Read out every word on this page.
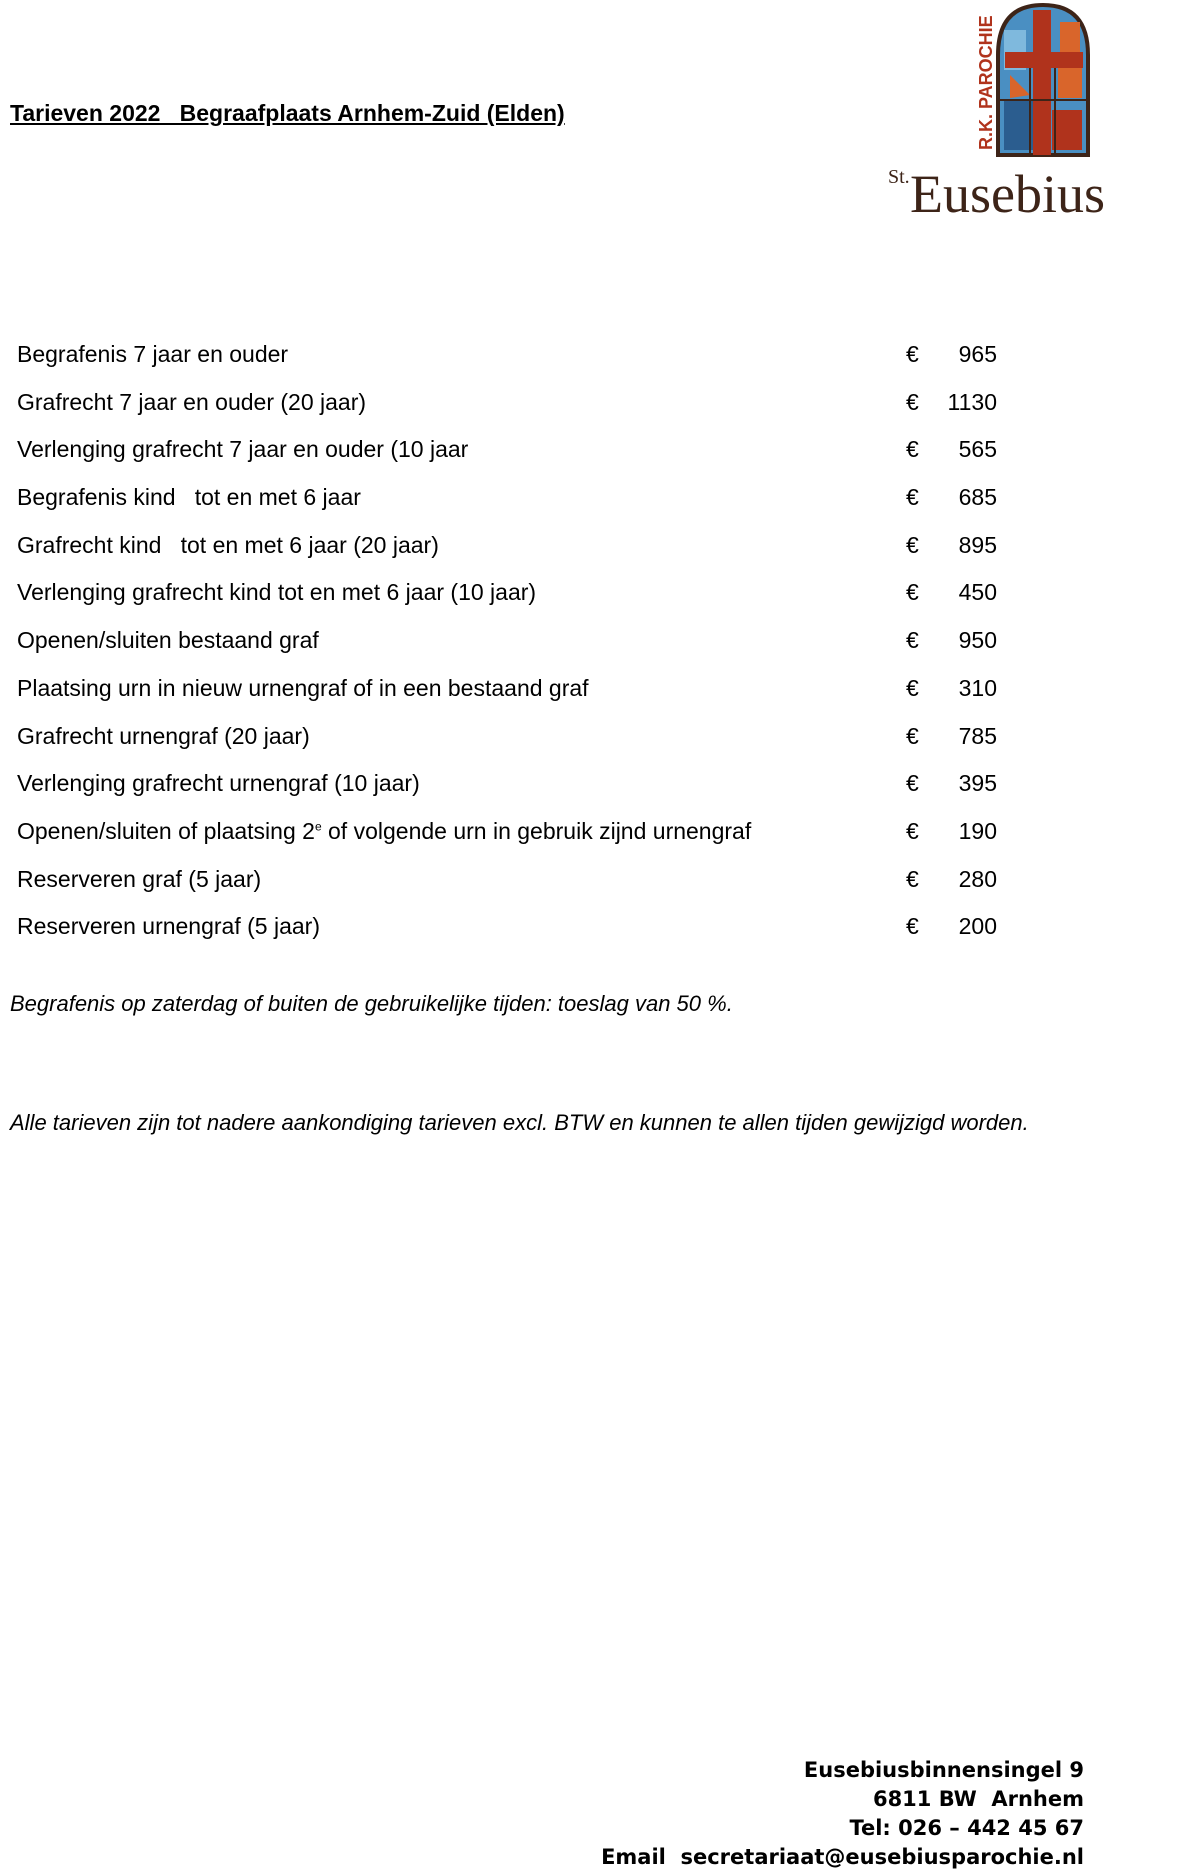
Tarieven 2022   Begraafplaats Arnhem-Zuid (Elden)	R.K. PAROCHIE
St. Eusebius
Begrafenis 7 jaar en ouder	€	965
Grafrecht 7 jaar en ouder (20 jaar)	€	1130
Verlenging grafrecht 7 jaar en ouder (10 jaar	€	565
Begrafenis kind   tot en met 6 jaar	€	685
Grafrecht kind   tot en met 6 jaar (20 jaar)	€	895
Verlenging grafrecht kind tot en met 6 jaar (10 jaar)	€	450
Openen/sluiten bestaand graf	€	950
Plaatsing urn in nieuw urnengraf of in een bestaand graf	€	310
Grafrecht urnengraf (20 jaar)	€	785
Verlenging grafrecht urnengraf (10 jaar)	€	395
Openen/sluiten of plaatsing 2e of volgende urn in gebruik zijnd urnengraf	€	190
Reserveren graf (5 jaar)	€	280
Reserveren urnengraf (5 jaar)	€	200
Begrafenis op zaterdag of buiten de gebruikelijke tijden: toeslag van 50 %.
Alle tarieven zijn tot nadere aankondiging tarieven excl. BTW en kunnen te allen tijden gewijzigd worden.
Eusebiusbinnensingel 9
6811 BW  Arnhem
Tel: 026 – 442 45 67
Email  secretariaat@eusebiusparochie.nl
